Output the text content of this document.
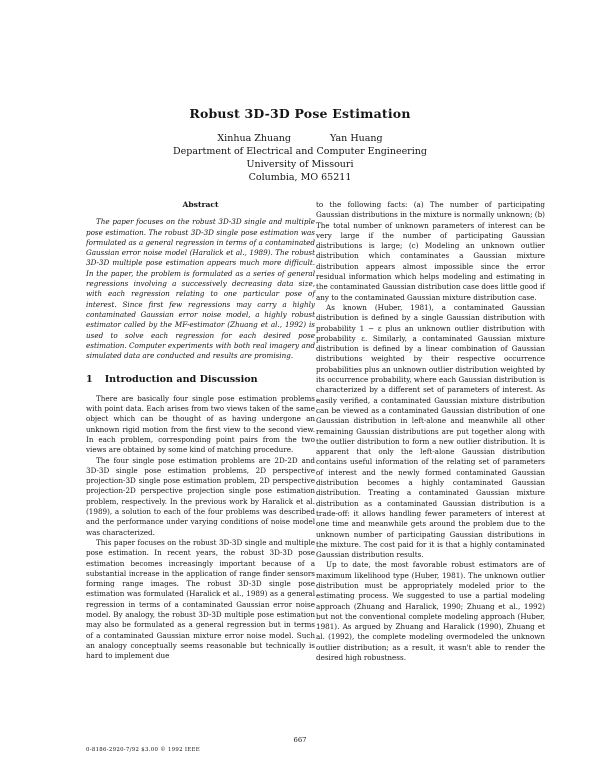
Robust 3D-3D Pose Estimation
Xinhua Zhuang	Yan Huang
Department of Electrical and Computer Engineering
University of Missouri
Columbia, MO 65211
Abstract

The paper focuses on the robust 3D-3D single and multiple pose estimation. The robust 3D-3D single pose estimation was formulated as a general regression in terms of a contaminated Gaussian error noise model (Haralick et al., 1989). The robust 3D-3D multiple pose estimation appears much more difficult. In the paper, the problem is formulated as a series of general regressions involving a successively decreasing data size, with each regression relating to one particular pose of interest. Since first few regressions may carry a highly contaminated Gaussian error noise model, a highly robust estimator called by the MF-estimator (Zhuang et al., 1992) is used to solve each regression for each desired pose estimation. Computer experiments with both real imagery and simulated data are conducted and results are promising.

1 Introduction and Discussion

There are basically four single pose estimation problems with point data. Each arises from two views taken of the same object which can be thought of as having undergone an unknown rigid motion from the first view to the second view. In each problem, corresponding point pairs from the two views are obtained by some kind of matching procedure.

The four single pose estimation problems are 2D-2D and 3D-3D single pose estimation problems, 2D perspective projection-3D single pose estimation problem, 2D perspective projection-2D perspective projection single pose estimation problem, respectively. In the previous work by Haralick et al. (1989), a solution to each of the four problems was described and the performance under varying conditions of noise model was characterized.

This paper focuses on the robust 3D-3D single and multiple pose estimation. In recent years, the robust 3D-3D pose estimation becomes increasingly important because of a substantial increase in the application of range finder sensors forming range images. The robust 3D-3D single pose estimation was formulated (Haralick et al., 1989) as a general regression in terms of a contaminated Gaussian error noise model. By analogy, the robust 3D-3D multiple pose estimation may also be formulated as a general regression but in terms of a contaminated Gaussian mixture error noise model. Such an analogy conceptually seems reasonable but technically is hard to implement due

to the following facts: (a) The number of participating Gaussian distributions in the mixture is normally unknown; (b) The total number of unknown parameters of interest can be very large if the number of participating Gaussian distributions is large; (c) Modeling an unknown outlier distribution which contaminates a Gaussian mixture distribution appears almost impossible since the error residual information which helps modeling and estimating in the contaminated Gaussian distribution case does little good if any to the contaminated Gaussian mixture distribution case.

As known (Huber, 1981), a contaminated Gaussian distribution is defined by a single Gaussian distribution with probability 1 − ε plus an unknown outlier distribution with probability ε. Similarly, a contaminated Gaussian mixture distribution is defined by a linear combination of Gaussian distributions weighted by their respective occurrence probabilities plus an unknown outlier distribution weighted by its occurrence probability, where each Gaussian distribution is characterized by a different set of parameters of interest. As easily verified, a contaminated Gaussian mixture distribution can be viewed as a contaminated Gaussian distribution of one Gaussian distribution in left-alone and meanwhile all other remaining Gaussian distributions are put together along with the outlier distribution to form a new outlier distribution. It is apparent that only the left-alone Gaussian distribution contains useful information of the relating set of parameters of interest and the newly formed contaminated Gaussian distribution becomes a highly contaminated Gaussian distribution. Treating a contaminated Gaussian mixture distribution as a contaminated Gaussian distribution is a trade-off: it allows handling fewer parameters of interest at one time and meanwhile gets around the problem due to the unknown number of participating Gaussian distributions in the mixture. The cost paid for it is that a highly contaminated Gaussian distribution results.

Up to date, the most favorable robust estimators are of maximum likelihood type (Huber, 1981). The unknown outlier distribution must be appropriately modeled prior to the estimating process. We suggested to use a partial modeling approach (Zhuang and Haralick, 1990; Zhuang et al., 1992) but not the conventional complete modeling approach (Huber, 1981). As argued by Zhuang and Haralick (1990), Zhuang et al. (1992), the complete modeling overmodeled the unknown outlier distribution; as a result, it wasn't able to render the desired high robustness.

667
0-8186-2920-7/92 $3.00 © 1992 IEEE
